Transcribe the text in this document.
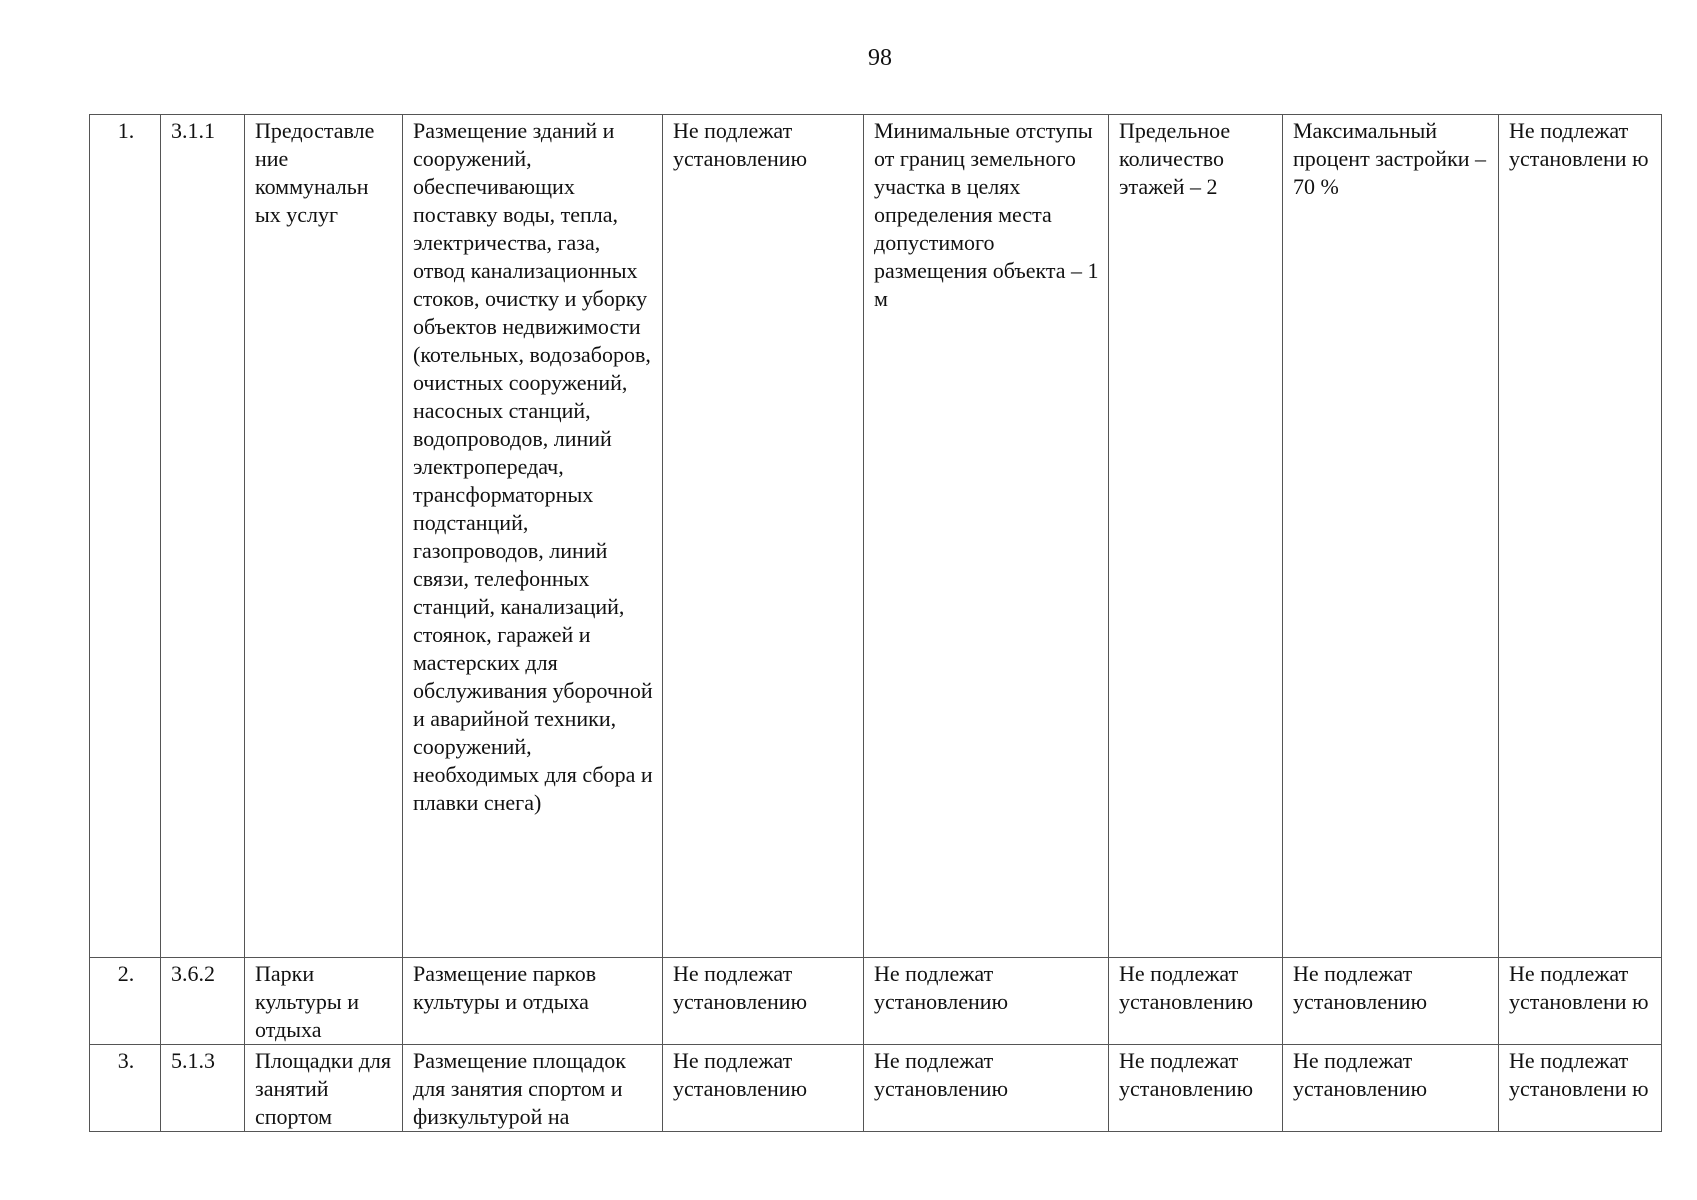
98
1.	3.1.1	Предоставле ние коммунальн ых услуг	Размещение зданий и сооружений, обеспечивающих поставку воды, тепла, электричества, газа, отвод канализационных стоков, очистку и уборку объектов недвижимости (котельных, водозаборов, очистных сооружений, насосных станций, водопроводов, линий электропередач, трансформаторных подстанций, газопроводов, линий связи, телефонных станций, канализаций, стоянок, гаражей и мастерских для обслуживания уборочной и аварийной техники, сооружений, необходимых для сбора и плавки снега)	Не подлежат установлению	Минимальные отступы от границ земельного участка в целях определения места допустимого размещения объекта – 1 м	Предельное количество этажей – 2	Максимальный процент застройки – 70 %	Не подлежат установлени ю
2.	3.6.2	Парки культуры и отдыха	Размещение парков культуры и отдыха	Не подлежат установлению	Не подлежат установлению	Не подлежат установлению	Не подлежат установлению	Не подлежат установлени ю
3.	5.1.3	Площадки для занятий спортом	Размещение площадок для занятия спортом и физкультурой на	Не подлежат установлению	Не подлежат установлению	Не подлежат установлению	Не подлежат установлению	Не подлежат установлени ю
